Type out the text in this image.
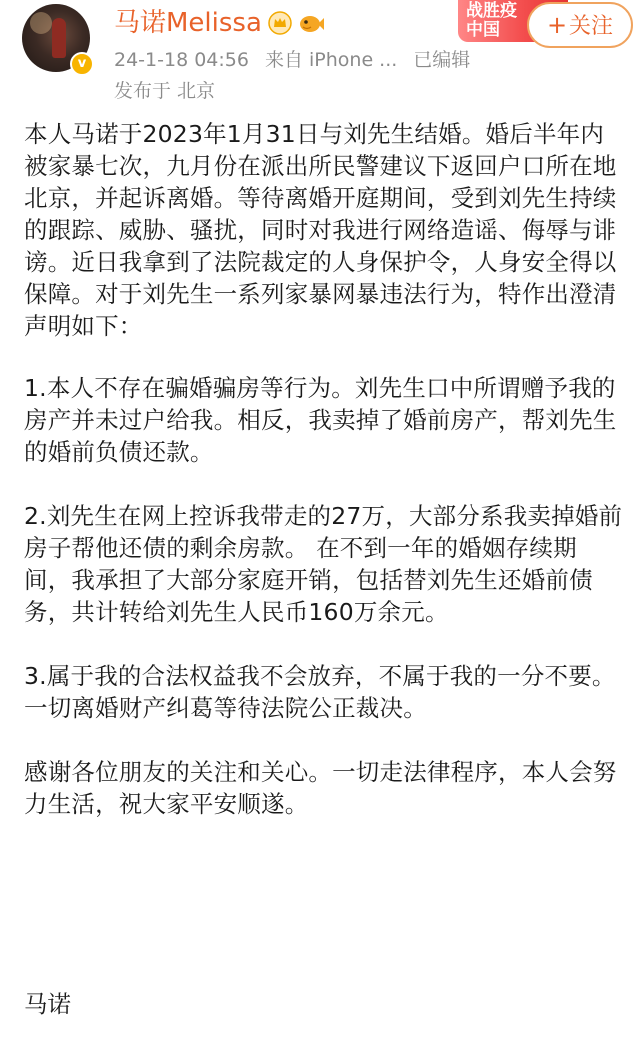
v
马诺Melissa
24-1-18 04:56 来自 iPhone ... 已编辑
发布于 北京
战胜疫
中国	+关注

本人马诺于2023年1月31日与刘先生结婚。婚后半年内被家暴七次，九月份在派出所民警建议下返回户口所在地北京，并起诉离婚。等待离婚开庭期间，受到刘先生持续的跟踪、威胁、骚扰，同时对我进行网络造谣、侮辱与诽谤。近日我拿到了法院裁定的人身保护令，人身安全得以保障。对于刘先生一系列家暴网暴违法行为，特作出澄清声明如下：

1.本人不存在骗婚骗房等行为。刘先生口中所谓赠予我的房产并未过户给我。相反，我卖掉了婚前房产，帮刘先生的婚前负债还款。

2.刘先生在网上控诉我带走的27万，大部分系我卖掉婚前房子帮他还债的剩余房款。 在不到一年的婚姻存续期间，我承担了大部分家庭开销，包括替刘先生还婚前债务，共计转给刘先生人民币160万余元。

3.属于我的合法权益我不会放弃，不属于我的一分不要。一切离婚财产纠葛等待法院公正裁决。

感谢各位朋友的关注和关心。一切走法律程序，本人会努力生活，祝大家平安顺遂。

马诺
